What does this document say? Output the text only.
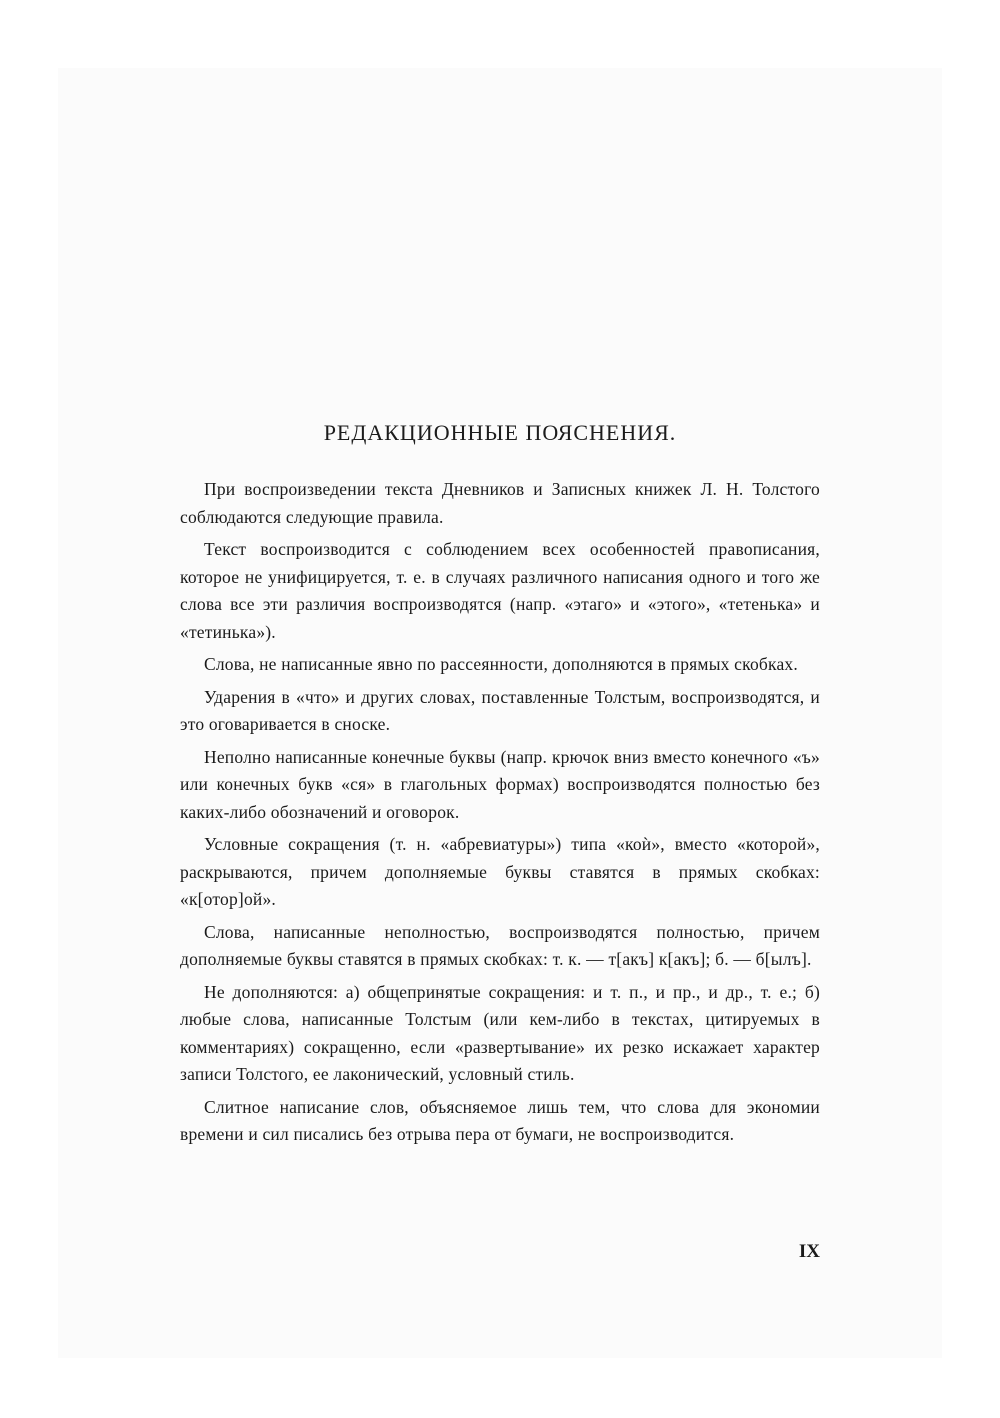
РЕДАКЦИОННЫЕ ПОЯСНЕНИЯ.

При воспроизведении текста Дневников и Записных книжек Л. Н. Толстого соблюдаются следующие правила.

Текст воспроизводится с соблюдением всех особенностей правописания, которое не унифицируется, т. е. в случаях различного написания одного и того же слова все эти различия воспроизводятся (напр. «этаго» и «этого», «тетенька» и «тетинька»).

Слова, не написанные явно по рассеянности, дополняются в прямых скобках.

Ударения в «что» и других словах, поставленные Толстым, воспроизводятся, и это оговаривается в сноске.

Неполно написанные конечные буквы (напр. крючок вниз вместо конечного «ъ» или конечных букв «ся» в глагольных формах) воспроизводятся полностью без каких-либо обозначений и оговорок.

Условные сокращения (т. н. «абревиатуры») типа «коѝ», вместо «которой», раскрываются, причем дополняемые буквы ставятся в прямых скобках: «к[отор]ой».

Слова, написанные неполностью, воспроизводятся полностью, причем дополняемые буквы ставятся в прямых скобках: т. к. — т[акъ] к[акъ]; б. — б[ылъ].

Не дополняются: а) общепринятые сокращения: и т. п., и пр., и др., т. е.; б) любые слова, написанные Толстым (или кем-либо в текстах, цитируемых в комментариях) сокращенно, если «развертывание» их резко искажает характер записи Толстого, ее лаконический, условный стиль.

Слитное написание слов, объясняемое лишь тем, что слова для экономии времени и сил писались без отрыва пера от бумаги, не воспроизводится.

IX
